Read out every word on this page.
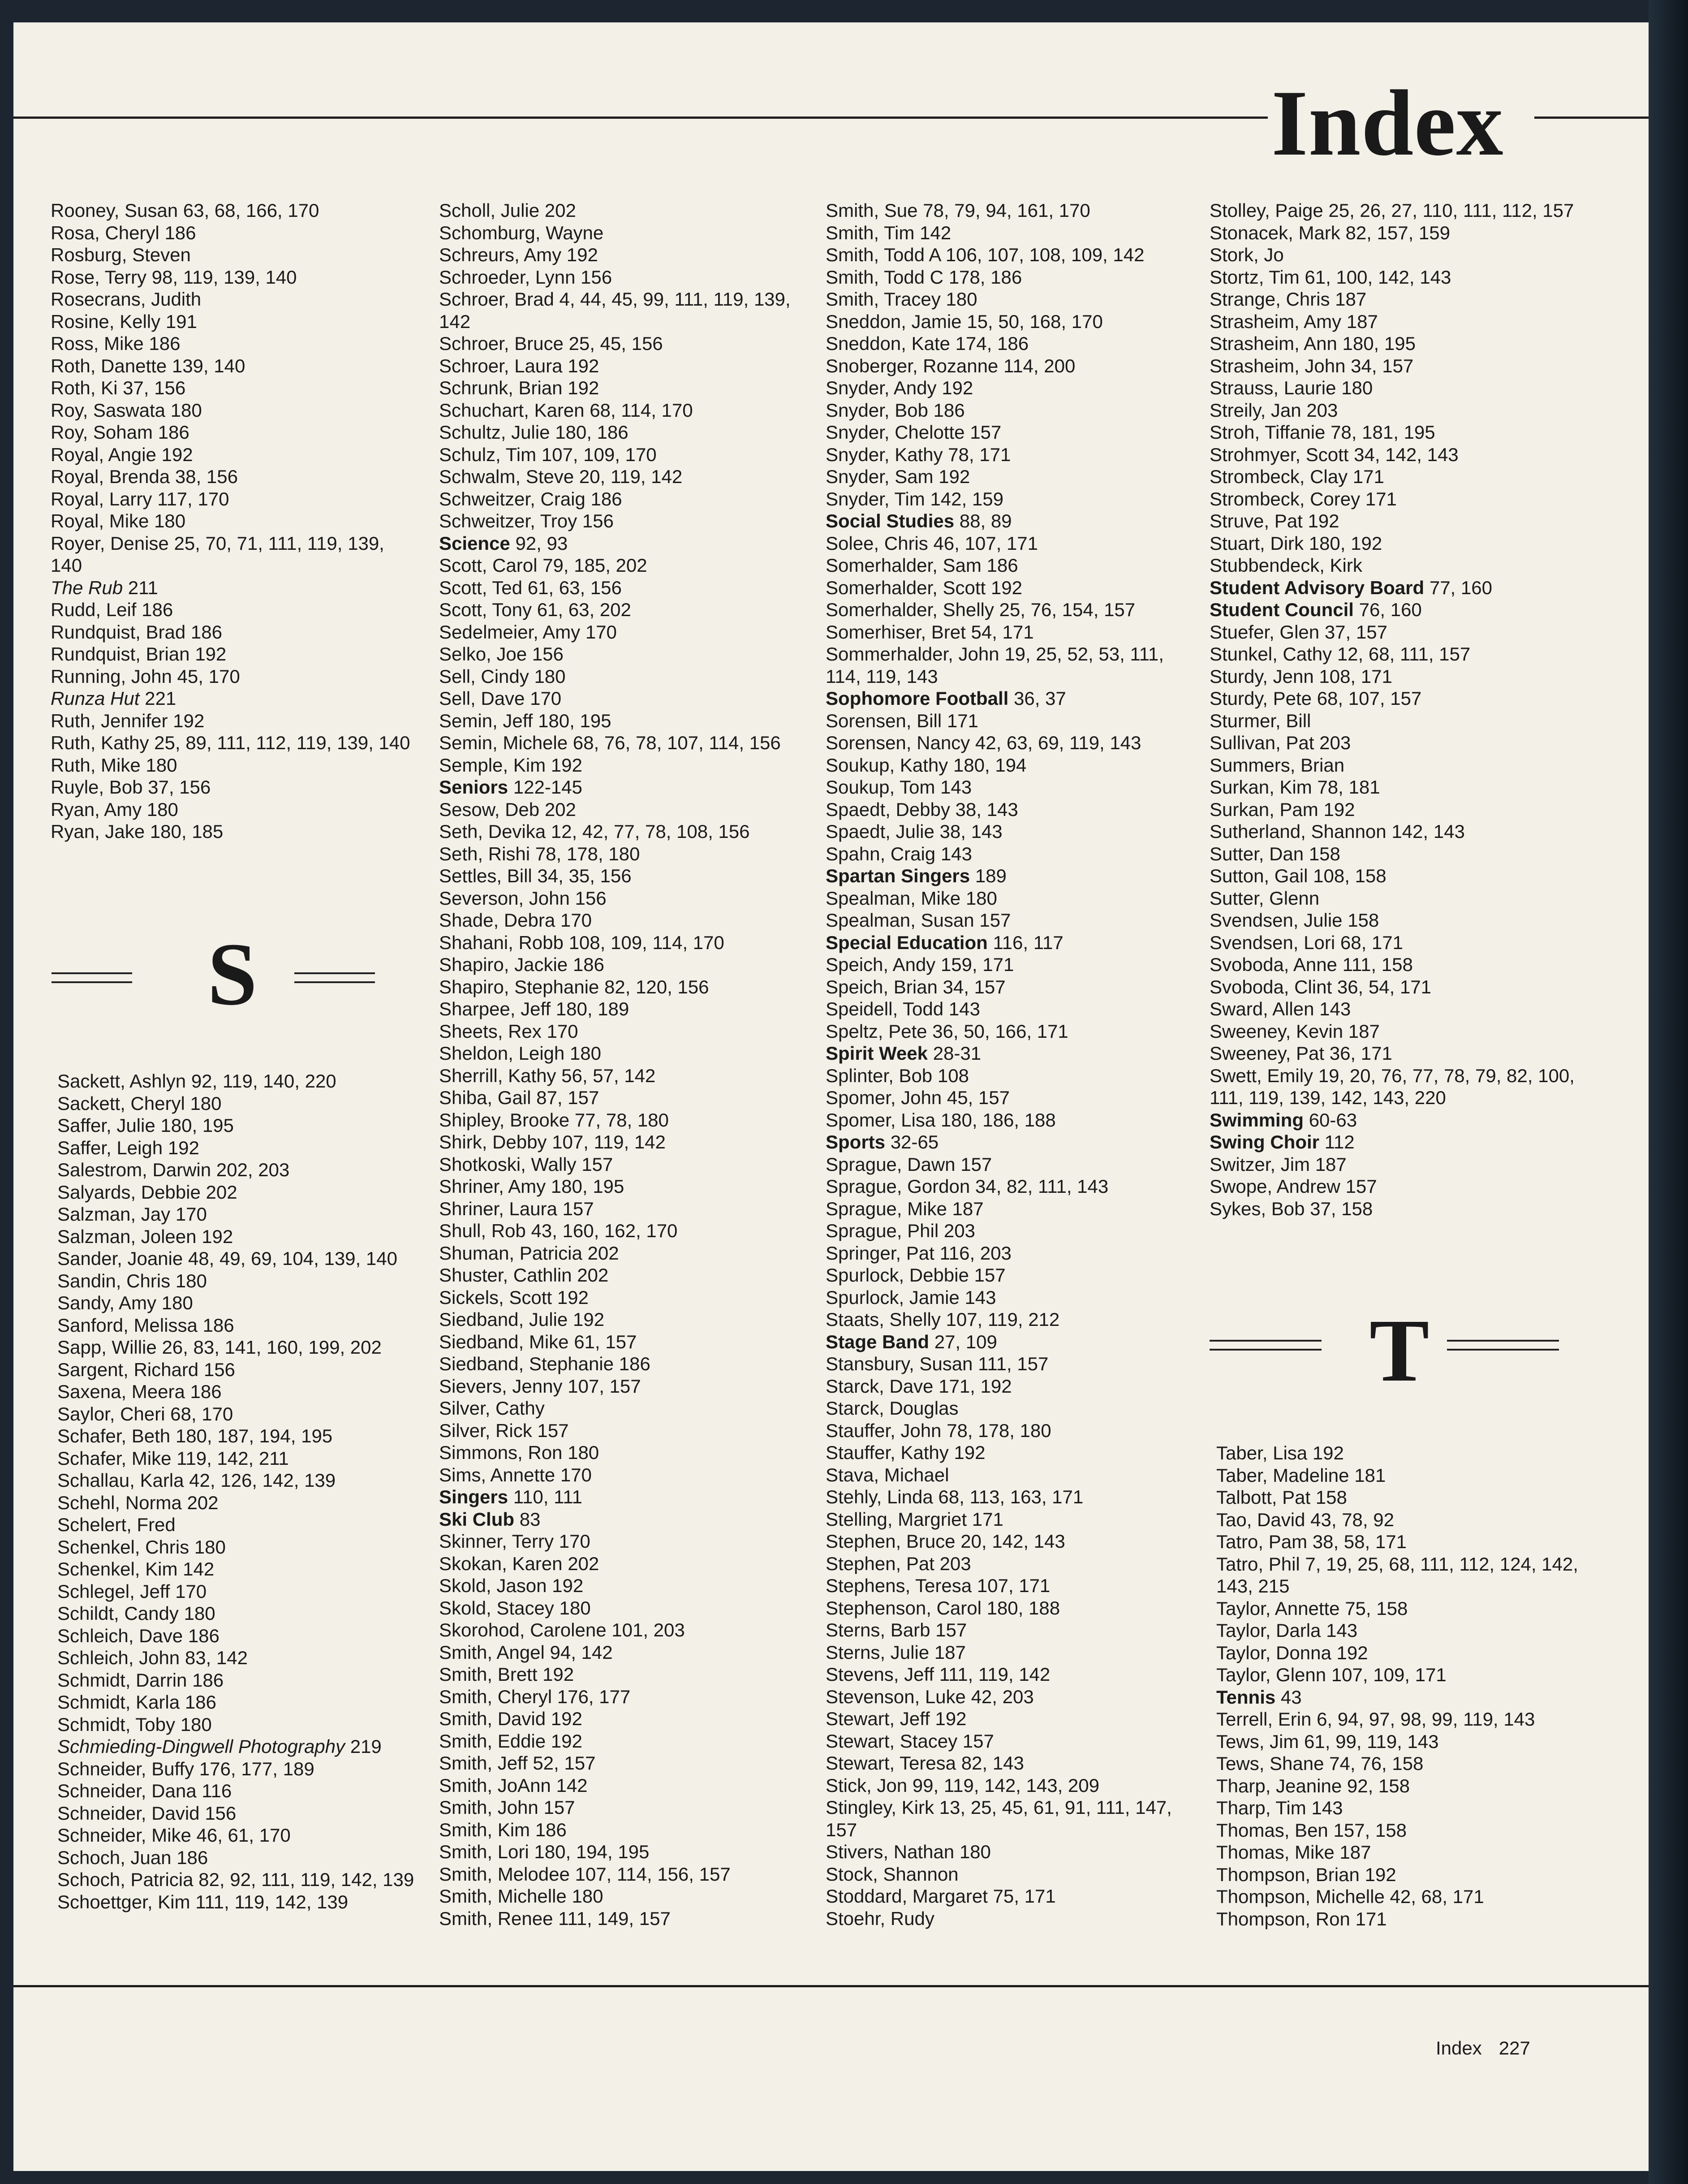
Index
Rooney, Susan 63, 68, 166, 170
Rosa, Cheryl 186
Rosburg, Steven
Rose, Terry 98, 119, 139, 140
Rosecrans, Judith
Rosine, Kelly 191
Ross, Mike 186
Roth, Danette 139, 140
Roth, Ki 37, 156
Roy, Saswata 180
Roy, Soham 186
Royal, Angie 192
Royal, Brenda 38, 156
Royal, Larry 117, 170
Royal, Mike 180
Royer, Denise 25, 70, 71, 111, 119, 139, 140
The Rub 211
Rudd, Leif 186
Rundquist, Brad 186
Rundquist, Brian 192
Running, John 45, 170
Runza Hut 221
Ruth, Jennifer 192
Ruth, Kathy 25, 89, 111, 112, 119, 139, 140
Ruth, Mike 180
Ruyle, Bob 37, 156
Ryan, Amy 180
Ryan, Jake 180, 185
S
Sackett, Ashlyn 92, 119, 140, 220
Sackett, Cheryl 180
Saffer, Julie 180, 195
Saffer, Leigh 192
Salestrom, Darwin 202, 203
Salyards, Debbie 202
Salzman, Jay 170
Salzman, Joleen 192
Sander, Joanie 48, 49, 69, 104, 139, 140
Sandin, Chris 180
Sandy, Amy 180
Sanford, Melissa 186
Sapp, Willie 26, 83, 141, 160, 199, 202
Sargent, Richard 156
Saxena, Meera 186
Saylor, Cheri 68, 170
Schafer, Beth 180, 187, 194, 195
Schafer, Mike 119, 142, 211
Schallau, Karla 42, 126, 142, 139
Schehl, Norma 202
Schelert, Fred
Schenkel, Chris 180
Schenkel, Kim 142
Schlegel, Jeff 170
Schildt, Candy 180
Schleich, Dave 186
Schleich, John 83, 142
Schmidt, Darrin 186
Schmidt, Karla 186
Schmidt, Toby 180
Schmieding-Dingwell Photography 219
Schneider, Buffy 176, 177, 189
Schneider, Dana 116
Schneider, David 156
Schneider, Mike 46, 61, 170
Schoch, Juan 186
Schoch, Patricia 82, 92, 111, 119, 142, 139
Schoettger, Kim 111, 119, 142, 139
Scholl, Julie 202
Schomburg, Wayne
Schreurs, Amy 192
Schroeder, Lynn 156
Schroer, Brad 4, 44, 45, 99, 111, 119, 139, 142
Schroer, Bruce 25, 45, 156
Schroer, Laura 192
Schrunk, Brian 192
Schuchart, Karen 68, 114, 170
Schultz, Julie 180, 186
Schulz, Tim 107, 109, 170
Schwalm, Steve 20, 119, 142
Schweitzer, Craig 186
Schweitzer, Troy 156
Science 92, 93
Scott, Carol 79, 185, 202
Scott, Ted 61, 63, 156
Scott, Tony 61, 63, 202
Sedelmeier, Amy 170
Selko, Joe 156
Sell, Cindy 180
Sell, Dave 170
Semin, Jeff 180, 195
Semin, Michele 68, 76, 78, 107, 114, 156
Semple, Kim 192
Seniors 122-145
Sesow, Deb 202
Seth, Devika 12, 42, 77, 78, 108, 156
Seth, Rishi 78, 178, 180
Settles, Bill 34, 35, 156
Severson, John 156
Shade, Debra 170
Shahani, Robb 108, 109, 114, 170
Shapiro, Jackie 186
Shapiro, Stephanie 82, 120, 156
Sharpee, Jeff 180, 189
Sheets, Rex 170
Sheldon, Leigh 180
Sherrill, Kathy 56, 57, 142
Shiba, Gail 87, 157
Shipley, Brooke 77, 78, 180
Shirk, Debby 107, 119, 142
Shotkoski, Wally 157
Shriner, Amy 180, 195
Shriner, Laura 157
Shull, Rob 43, 160, 162, 170
Shuman, Patricia 202
Shuster, Cathlin 202
Sickels, Scott 192
Siedband, Julie 192
Siedband, Mike 61, 157
Siedband, Stephanie 186
Sievers, Jenny 107, 157
Silver, Cathy
Silver, Rick 157
Simmons, Ron 180
Sims, Annette 170
Singers 110, 111
Ski Club 83
Skinner, Terry 170
Skokan, Karen 202
Skold, Jason 192
Skold, Stacey 180
Skorohod, Carolene 101, 203
Smith, Angel 94, 142
Smith, Brett 192
Smith, Cheryl 176, 177
Smith, David 192
Smith, Eddie 192
Smith, Jeff 52, 157
Smith, JoAnn 142
Smith, John 157
Smith, Kim 186
Smith, Lori 180, 194, 195
Smith, Melodee 107, 114, 156, 157
Smith, Michelle 180
Smith, Renee 111, 149, 157
Smith, Sue 78, 79, 94, 161, 170
Smith, Tim 142
Smith, Todd A 106, 107, 108, 109, 142
Smith, Todd C 178, 186
Smith, Tracey 180
Sneddon, Jamie 15, 50, 168, 170
Sneddon, Kate 174, 186
Snoberger, Rozanne 114, 200
Snyder, Andy 192
Snyder, Bob 186
Snyder, Chelotte 157
Snyder, Kathy 78, 171
Snyder, Sam 192
Snyder, Tim 142, 159
Social Studies 88, 89
Solee, Chris 46, 107, 171
Somerhalder, Sam 186
Somerhalder, Scott 192
Somerhalder, Shelly 25, 76, 154, 157
Somerhiser, Bret 54, 171
Sommerhalder, John 19, 25, 52, 53, 111, 114, 119, 143
Sophomore Football 36, 37
Sorensen, Bill 171
Sorensen, Nancy 42, 63, 69, 119, 143
Soukup, Kathy 180, 194
Soukup, Tom 143
Spaedt, Debby 38, 143
Spaedt, Julie 38, 143
Spahn, Craig 143
Spartan Singers 189
Spealman, Mike 180
Spealman, Susan 157
Special Education 116, 117
Speich, Andy 159, 171
Speich, Brian 34, 157
Speidell, Todd 143
Speltz, Pete 36, 50, 166, 171
Spirit Week 28-31
Splinter, Bob 108
Spomer, John 45, 157
Spomer, Lisa 180, 186, 188
Sports 32-65
Sprague, Dawn 157
Sprague, Gordon 34, 82, 111, 143
Sprague, Mike 187
Sprague, Phil 203
Springer, Pat 116, 203
Spurlock, Debbie 157
Spurlock, Jamie 143
Staats, Shelly 107, 119, 212
Stage Band 27, 109
Stansbury, Susan 111, 157
Starck, Dave 171, 192
Starck, Douglas
Stauffer, John 78, 178, 180
Stauffer, Kathy 192
Stava, Michael
Stehly, Linda 68, 113, 163, 171
Stelling, Margriet 171
Stephen, Bruce 20, 142, 143
Stephen, Pat 203
Stephens, Teresa 107, 171
Stephenson, Carol 180, 188
Sterns, Barb 157
Sterns, Julie 187
Stevens, Jeff 111, 119, 142
Stevenson, Luke 42, 203
Stewart, Jeff 192
Stewart, Stacey 157
Stewart, Teresa 82, 143
Stick, Jon 99, 119, 142, 143, 209
Stingley, Kirk 13, 25, 45, 61, 91, 111, 147, 157
Stivers, Nathan 180
Stock, Shannon
Stoddard, Margaret 75, 171
Stoehr, Rudy
Stolley, Paige 25, 26, 27, 110, 111, 112, 157
Stonacek, Mark 82, 157, 159
Stork, Jo
Stortz, Tim 61, 100, 142, 143
Strange, Chris 187
Strasheim, Amy 187
Strasheim, Ann 180, 195
Strasheim, John 34, 157
Strauss, Laurie 180
Streily, Jan 203
Stroh, Tiffanie 78, 181, 195
Strohmyer, Scott 34, 142, 143
Strombeck, Clay 171
Strombeck, Corey 171
Struve, Pat 192
Stuart, Dirk 180, 192
Stubbendeck, Kirk
Student Advisory Board 77, 160
Student Council 76, 160
Stuefer, Glen 37, 157
Stunkel, Cathy 12, 68, 111, 157
Sturdy, Jenn 108, 171
Sturdy, Pete 68, 107, 157
Sturmer, Bill
Sullivan, Pat 203
Summers, Brian
Surkan, Kim 78, 181
Surkan, Pam 192
Sutherland, Shannon 142, 143
Sutter, Dan 158
Sutton, Gail 108, 158
Sutter, Glenn
Svendsen, Julie 158
Svendsen, Lori 68, 171
Svoboda, Anne 111, 158
Svoboda, Clint 36, 54, 171
Sward, Allen 143
Sweeney, Kevin 187
Sweeney, Pat 36, 171
Swett, Emily 19, 20, 76, 77, 78, 79, 82, 100, 111, 119, 139, 142, 143, 220
Swimming 60-63
Swing Choir 112
Switzer, Jim 187
Swope, Andrew 157
Sykes, Bob 37, 158
T
Taber, Lisa 192
Taber, Madeline 181
Talbott, Pat 158
Tao, David 43, 78, 92
Tatro, Pam 38, 58, 171
Tatro, Phil 7, 19, 25, 68, 111, 112, 124, 142, 143, 215
Taylor, Annette 75, 158
Taylor, Darla 143
Taylor, Donna 192
Taylor, Glenn 107, 109, 171
Tennis 43
Terrell, Erin 6, 94, 97, 98, 99, 119, 143
Tews, Jim 61, 99, 119, 143
Tews, Shane 74, 76, 158
Tharp, Jeanine 92, 158
Tharp, Tim 143
Thomas, Ben 157, 158
Thomas, Mike 187
Thompson, Brian 192
Thompson, Michelle 42, 68, 171
Thompson, Ron 171
Index 227
